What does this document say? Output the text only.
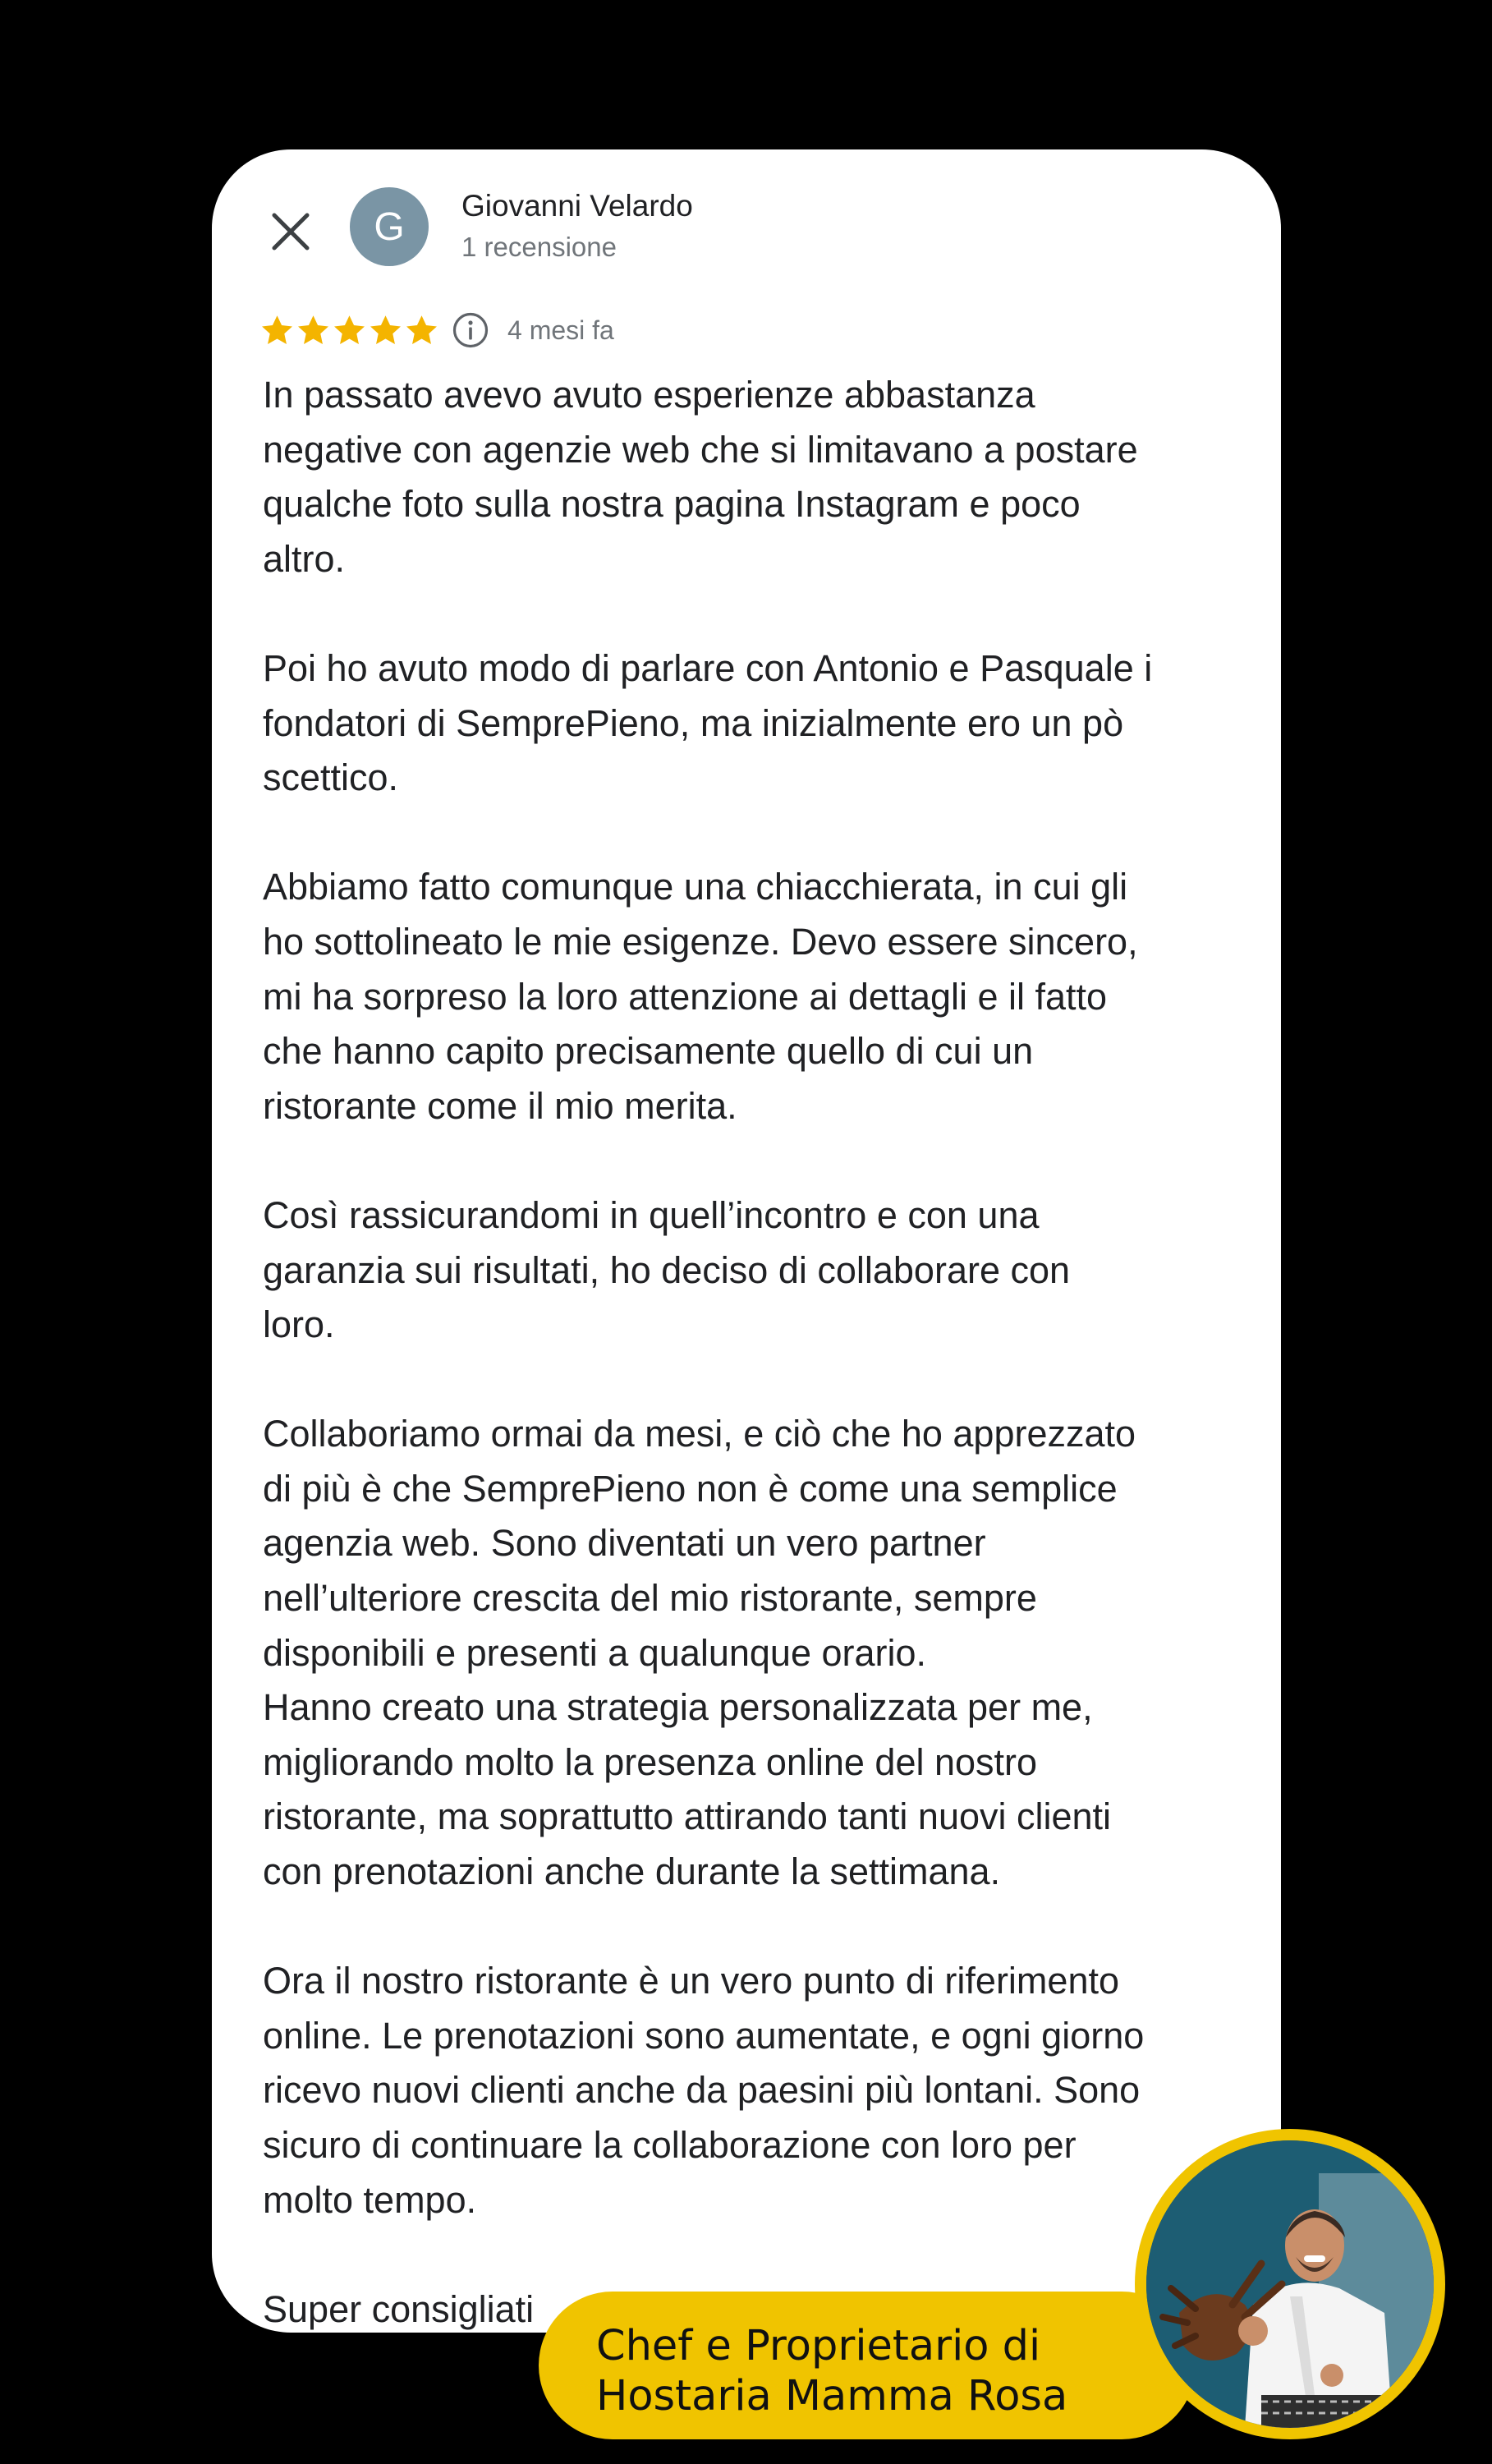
G Giovanni Velardo
1 recensione
4 mesi fa

In passato avevo avuto esperienze abbastanza
negative con agenzie web che si limitavano a postare
qualche foto sulla nostra pagina Instagram e poco
altro.

Poi ho avuto modo di parlare con Antonio e Pasquale i
fondatori di SemprePieno, ma inizialmente ero un pò
scettico.

Abbiamo fatto comunque una chiacchierata, in cui gli
ho sottolineato le mie esigenze. Devo essere sincero,
mi ha sorpreso la loro attenzione ai dettagli e il fatto
che hanno capito precisamente quello di cui un
ristorante come il mio merita.

Così rassicurandomi in quell’incontro e con una
garanzia sui risultati, ho deciso di collaborare con
loro.

Collaboriamo ormai da mesi, e ciò che ho apprezzato
di più è che SemprePieno non è come una semplice
agenzia web. Sono diventati un vero partner
nell’ulteriore crescita del mio ristorante, sempre
disponibili e presenti a qualunque orario.
Hanno creato una strategia personalizzata per me,
migliorando molto la presenza online del nostro
ristorante, ma soprattutto attirando tanti nuovi clienti
con prenotazioni anche durante la settimana.

Ora il nostro ristorante è un vero punto di riferimento
online. Le prenotazioni sono aumentate, e ogni giorno
ricevo nuovi clienti anche da paesini più lontani. Sono
sicuro di continuare la collaborazione con loro per
molto tempo.

Super consigliati

Chef e Proprietario di
Hostaria Mamma Rosa
